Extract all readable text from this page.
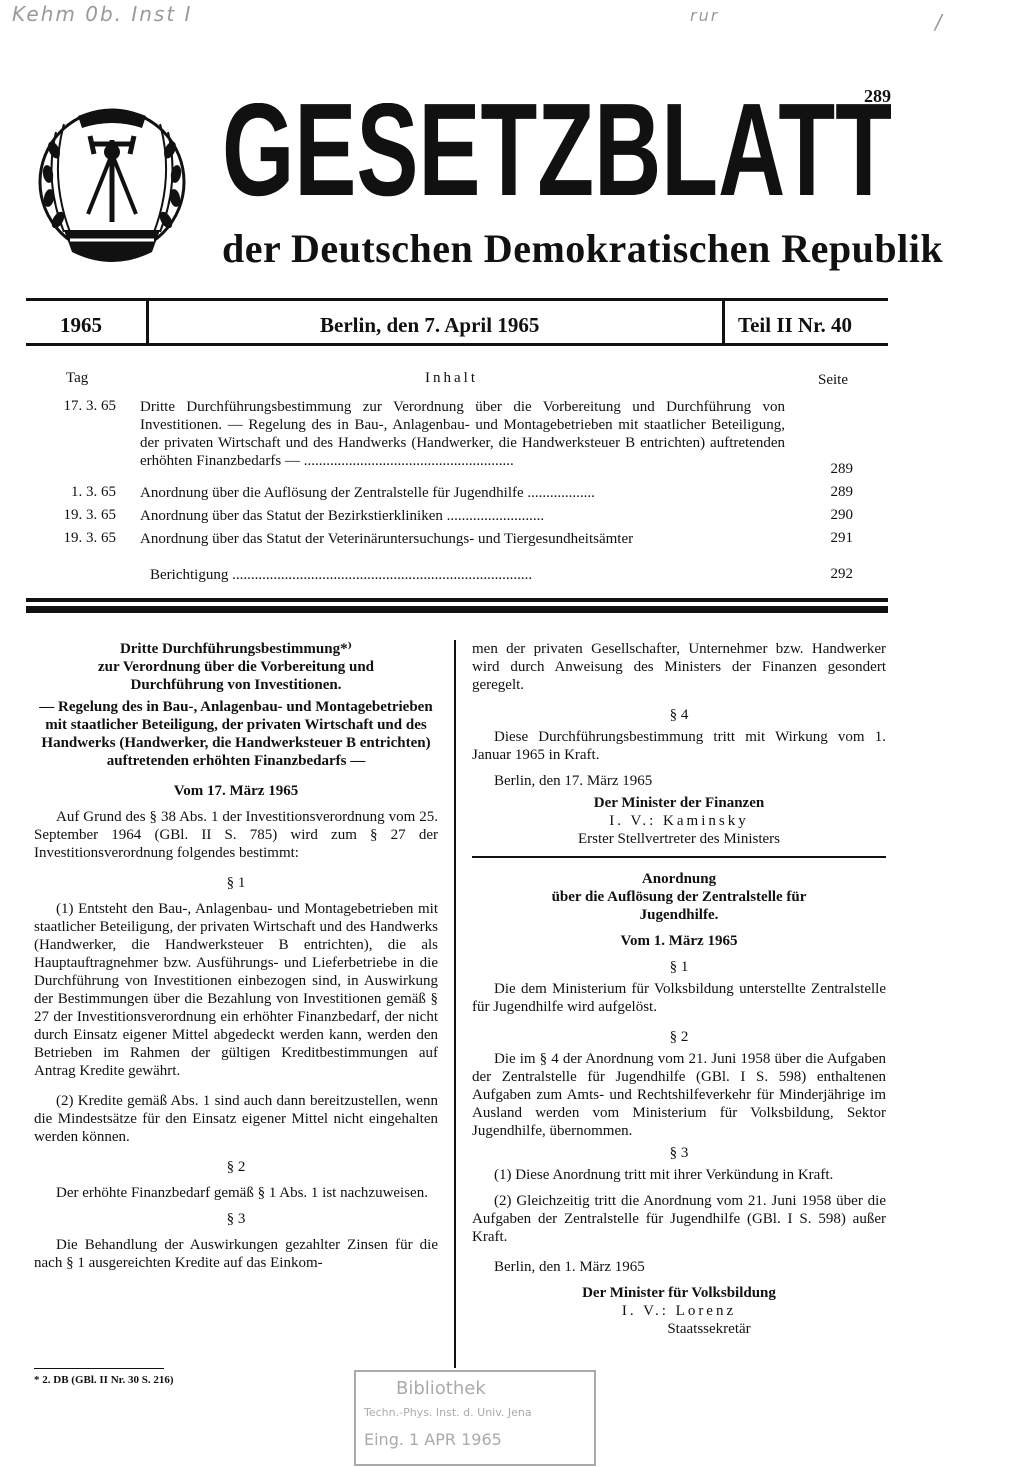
Kehm 0b. Inst I	rur	/
289
GESETZBLATT
der Deutschen Demokratischen Republik
1965	Berlin, den 7. April 1965	Teil II Nr. 40
Tag	Inhalt	Seite
17. 3. 65 Dritte Durchführungsbestimmung zur Verordnung über die Vorbereitung und Durchführung von Investitionen. — Regelung des in Bau-, Anlagenbau- und Montagebetrieben mit staatlicher Beteiligung, der privaten Wirtschaft und des Handwerks (Handwerker, die Handwerksteuer B entrichten) auftretenden erhöhten Finanzbedarfs — ........................................................	289
1. 3. 65 Anordnung über die Auflösung der Zentralstelle für Jugendhilfe ..................	289
19. 3. 65 Anordnung über das Statut der Bezirkstierkliniken ..........................	290
19. 3. 65 Anordnung über das Statut der Veterinäruntersuchungs- und Tiergesundheitsämter	291
Berichtigung ................................................................................	292

Dritte Durchführungsbestimmung*⁾

zur Verordnung über die Vorbereitung und

Durchführung von Investitionen.

— Regelung des in Bau-, Anlagenbau- und Montagebetrieben mit staatlicher Beteiligung, der privaten Wirtschaft und des Handwerks (Handwerker, die Handwerksteuer B entrichten) auftretenden erhöhten Finanzbedarfs —

Vom 17. März 1965

Auf Grund des § 38 Abs. 1 der Investitionsverordnung vom 25. September 1964 (GBl. II S. 785) wird zum § 27 der Investitionsverordnung folgendes bestimmt:

§ 1

(1) Entsteht den Bau-, Anlagenbau- und Montagebetrieben mit staatlicher Beteiligung, der privaten Wirtschaft und des Handwerks (Handwerker, die Handwerksteuer B entrichten), die als Hauptauftragnehmer bzw. Ausführungs- und Lieferbetriebe in die Durchführung von Investitionen einbezogen sind, in Auswirkung der Bestimmungen über die Bezahlung von Investitionen gemäß § 27 der Investitionsverordnung ein erhöhter Finanzbedarf, der nicht durch Einsatz eigener Mittel abgedeckt werden kann, werden den Betrieben im Rahmen der gültigen Kreditbestimmungen auf Antrag Kredite gewährt.

(2) Kredite gemäß Abs. 1 sind auch dann bereitzustellen, wenn die Mindestsätze für den Einsatz eigener Mittel nicht eingehalten werden können.

§ 2

Der erhöhte Finanzbedarf gemäß § 1 Abs. 1 ist nachzuweisen.

§ 3

Die Behandlung der Auswirkungen gezahlter Zinsen für die nach § 1 ausgereichten Kredite auf das Einkom-

* 2. DB (GBl. II Nr. 30 S. 216)

men der privaten Gesellschafter, Unternehmer bzw. Handwerker wird durch Anweisung des Ministers der Finanzen gesondert geregelt.

§ 4

Diese Durchführungsbestimmung tritt mit Wirkung vom 1. Januar 1965 in Kraft.

Berlin, den 17. März 1965

Der Minister der Finanzen

I. V.: Kaminsky

Erster Stellvertreter des Ministers

Anordnung

über die Auflösung der Zentralstelle für

Jugendhilfe.

Vom 1. März 1965

§ 1

Die dem Ministerium für Volksbildung unterstellte Zentralstelle für Jugendhilfe wird aufgelöst.

§ 2

Die im § 4 der Anordnung vom 21. Juni 1958 über die Aufgaben der Zentralstelle für Jugendhilfe (GBl. I S. 598) enthaltenen Aufgaben zum Amts- und Rechtshilfeverkehr für Minderjährige im Ausland werden vom Ministerium für Volksbildung, Sektor Jugendhilfe, übernommen.

§ 3

(1) Diese Anordnung tritt mit ihrer Verkündung in Kraft.

(2) Gleichzeitig tritt die Anordnung vom 21. Juni 1958 über die Aufgaben der Zentralstelle für Jugendhilfe (GBl. I S. 598) außer Kraft.

Berlin, den 1. März 1965

Der Minister für Volksbildung

I. V.: Lorenz

Staatssekretär

Bibliothek
Techn.-Phys. Inst. d. Univ. Jena
Eing. 1 APR 1965
